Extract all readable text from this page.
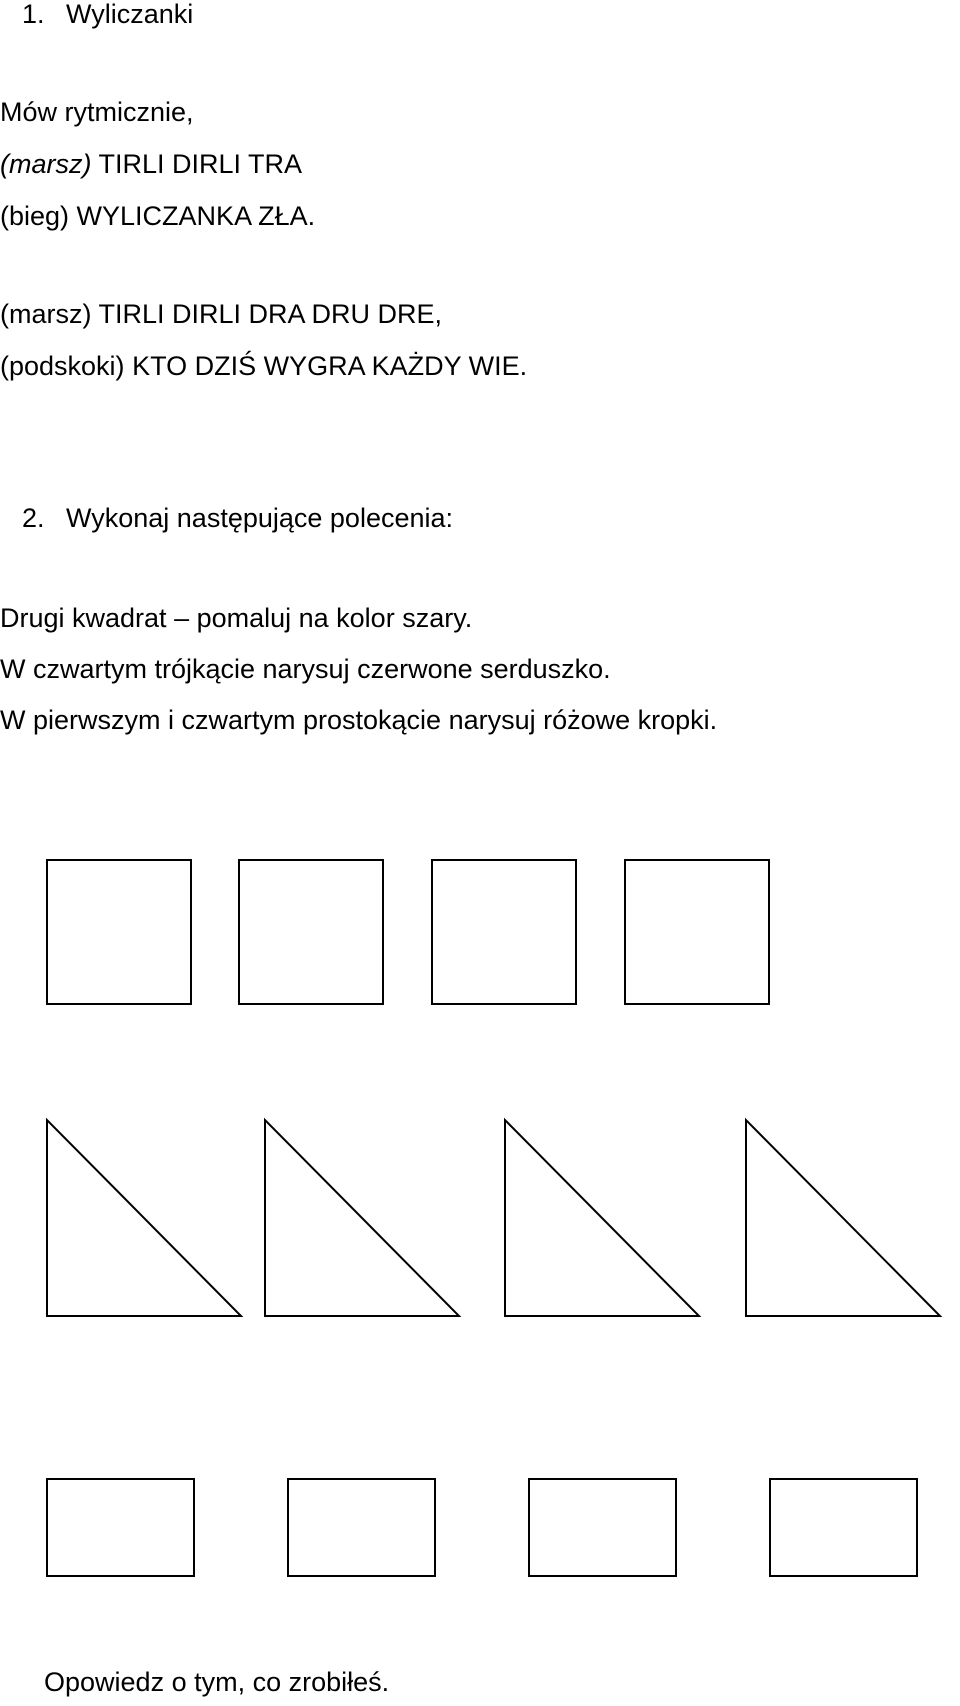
1. Wyliczanki
Mów rytmicznie,
(marsz) TIRLI DIRLI TRA
(bieg) WYLICZANKA ZŁA.
(marsz) TIRLI DIRLI DRA DRU DRE,
(podskoki) KTO DZIŚ WYGRA KAŻDY WIE.
2. Wykonaj następujące polecenia:
Drugi kwadrat – pomaluj na kolor szary.
W czwartym trójkącie narysuj czerwone serduszko.
W pierwszym i czwartym prostokącie narysuj różowe kropki.
Opowiedz o tym, co zrobiłeś.
